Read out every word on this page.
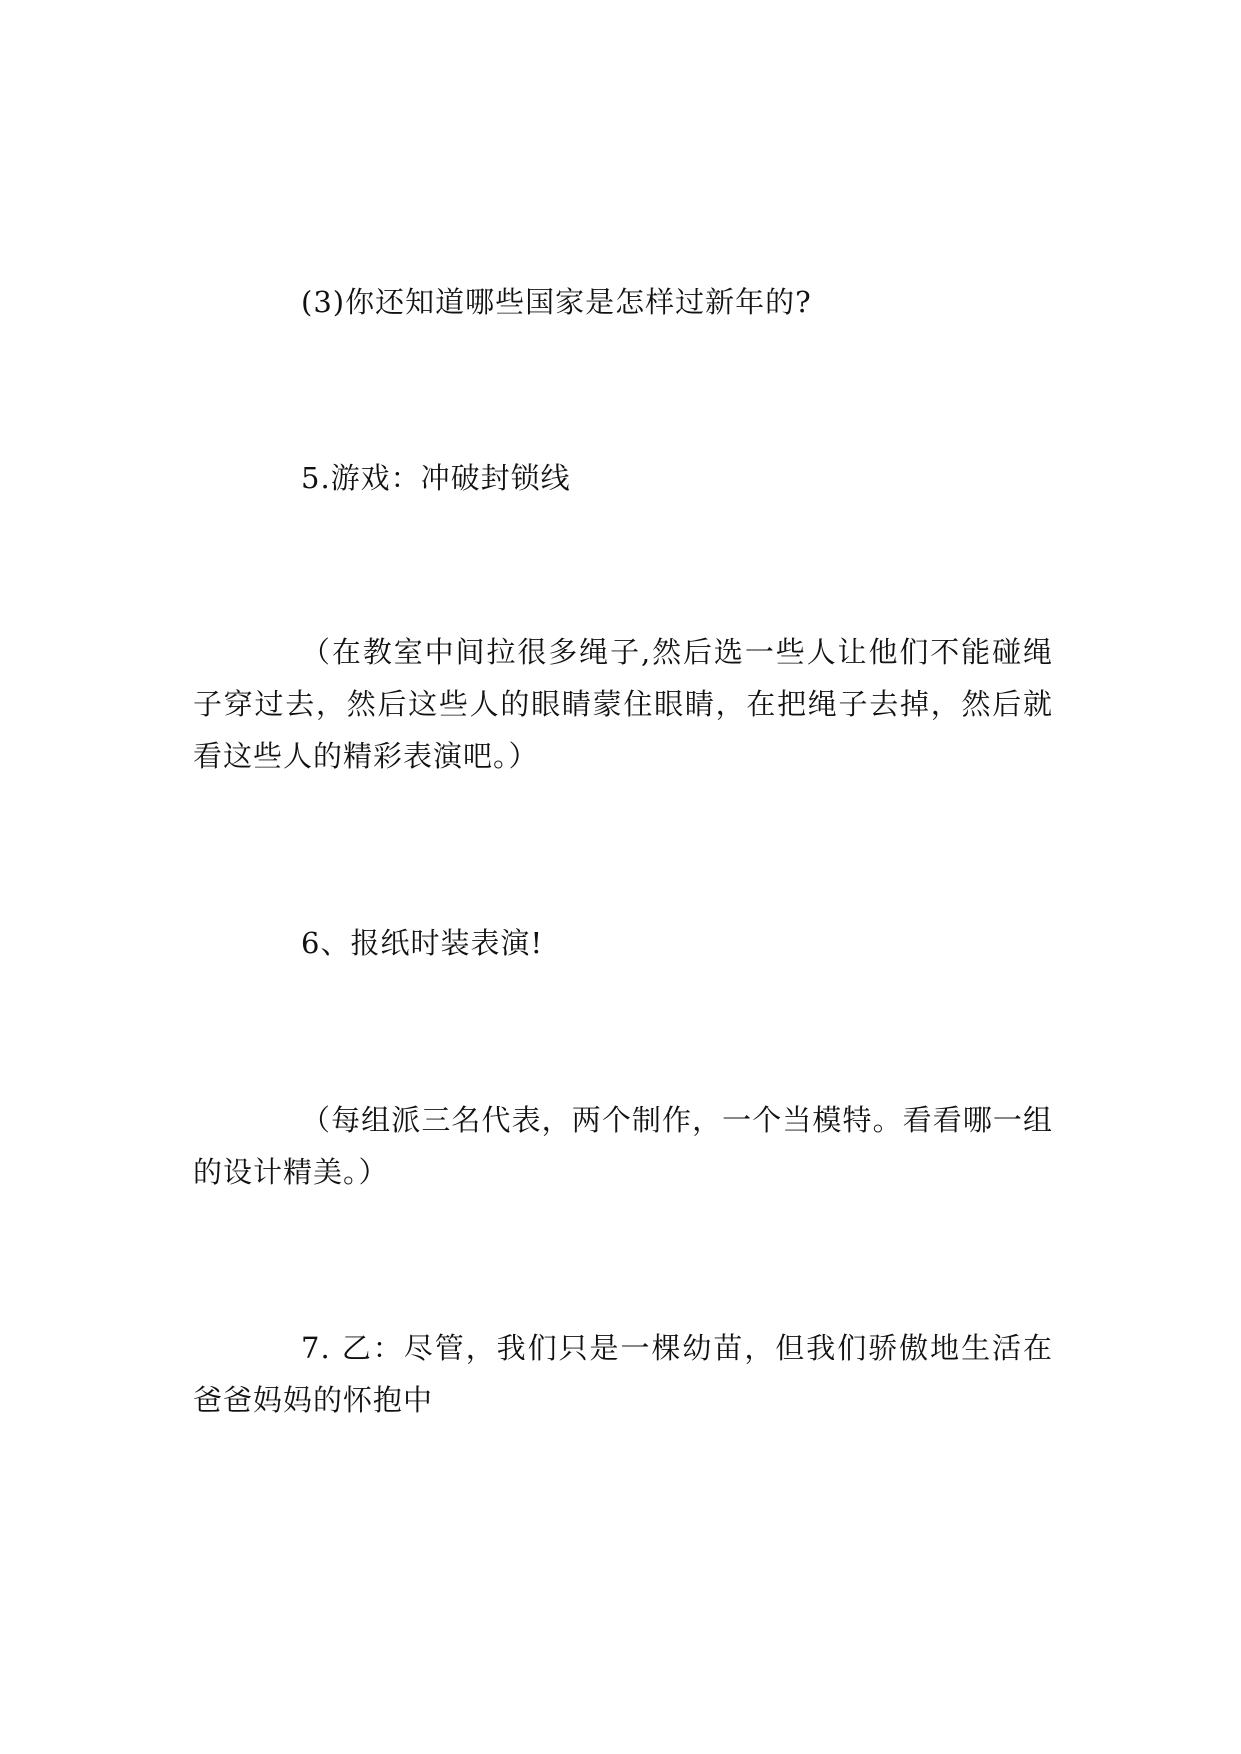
(3)你还知道哪些国家是怎样过新年的?

5.游戏：冲破封锁线

（在教室中间拉很多绳子,然后选一些人让他们不能碰绳子穿过去，然后这些人的眼睛蒙住眼睛，在把绳子去掉，然后就看这些人的精彩表演吧。）

6、报纸时装表演!

（每组派三名代表，两个制作，一个当模特。看看哪一组的设计精美。）

7. 乙：尽管，我们只是一棵幼苗，但我们骄傲地生活在爸爸妈妈的怀抱中
